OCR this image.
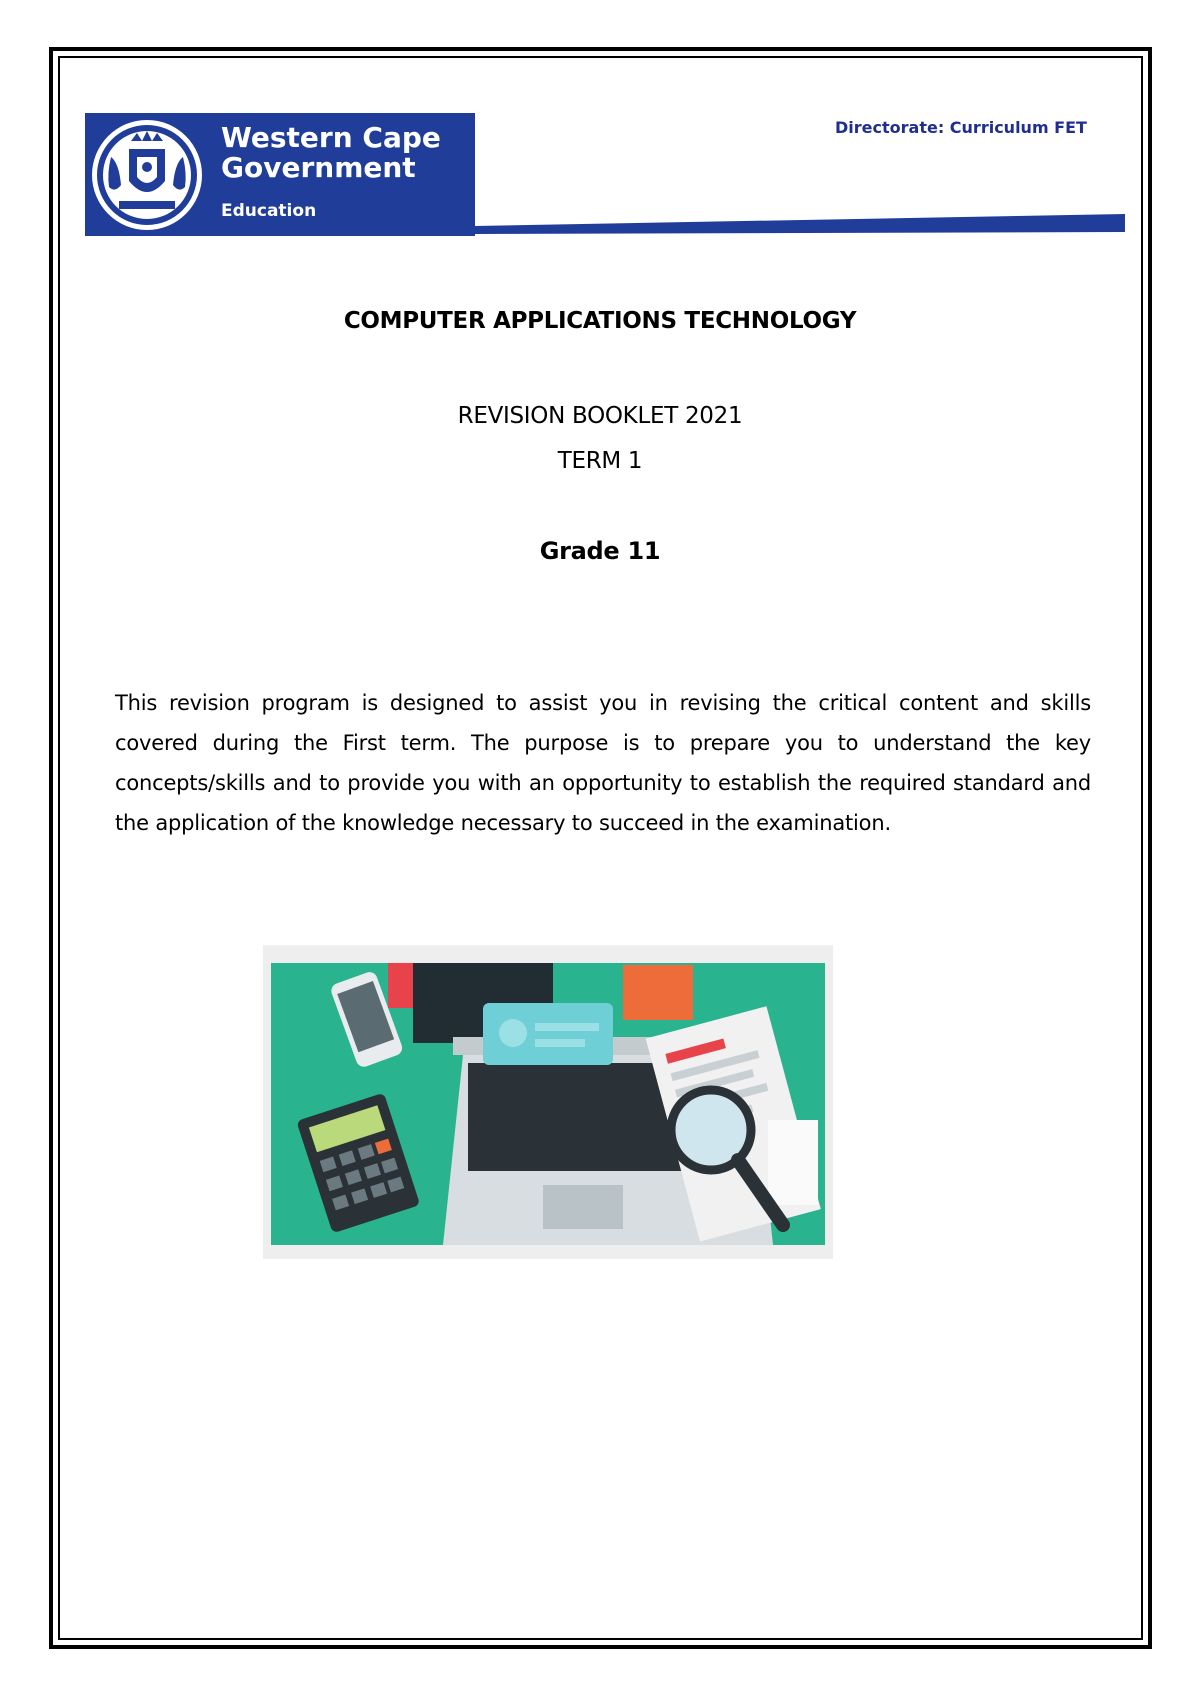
Western Cape
Government
Education
Directorate: Curriculum FET
COMPUTER APPLICATIONS TECHNOLOGY
REVISION BOOKLET 2021
TERM 1
Grade 11
This revision program is designed to assist you in revising the critical content and skills covered during the First term. The purpose is to prepare you to understand the key concepts/skills and to provide you with an opportunity to establish the required standard and the application of the knowledge necessary to succeed in the examination.
